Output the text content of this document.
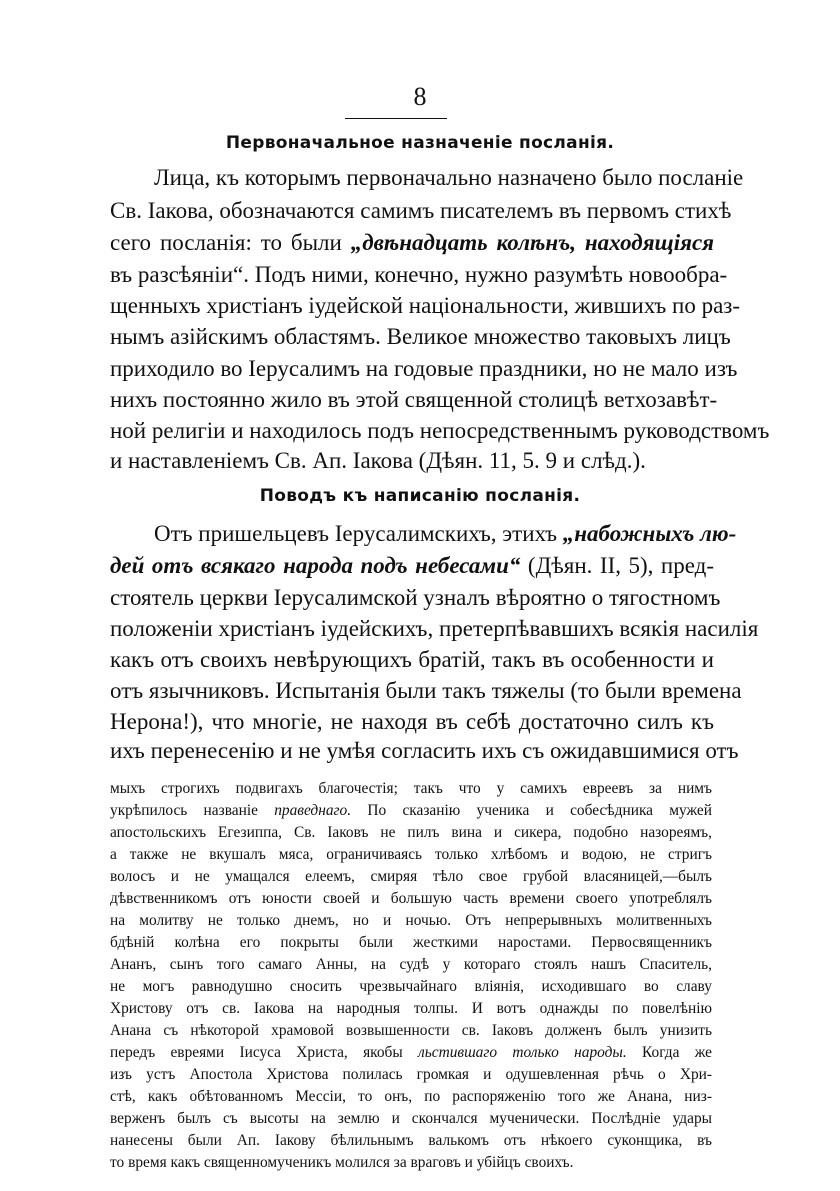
8
Первоначальное назначеніе посланія.
Лица, къ которымъ первоначально назначено было посланіе
Св. Іакова, обозначаются самимъ писателемъ въ первомъ стихѣ
сего посланія: то были „двѣнадцать колѣнъ, находящіяся
въ разсѣяніи“. Подъ ними, конечно, нужно разумѣть новообра-
щенныхъ христіанъ іудейской національности, жившихъ по раз-
нымъ азійскимъ областямъ. Великое множество таковыхъ лицъ
приходило во Іерусалимъ на годовые праздники, но не мало изъ
нихъ постоянно жило въ этой священной столицѣ ветхозавѣт-
ной религіи и находилось подъ непосредственнымъ руководствомъ
и наставленіемъ Св. Ап. Іакова (Дѣян. 11, 5. 9 и слѣд.).
Поводъ къ написанію посланія.
Отъ пришельцевъ Іерусалимскихъ, этихъ „набожныхъ лю-
дей отъ всякаго народа подъ небесами“ (Дѣян. II, 5), пред-
стоятель церкви Іерусалимской узналъ вѣроятно о тягостномъ
положеніи христіанъ іудейскихъ, претерпѣвавшихъ всякія насилія
какъ отъ своихъ невѣрующихъ братій, такъ въ особенности и
отъ язычниковъ. Испытанія были такъ тяжелы (то были времена
Нерона!), что многіе, не находя въ себѣ достаточно силъ къ
ихъ перенесенію и не умѣя согласить ихъ съ ожидавшимися отъ
мыхъ строгихъ подвигахъ благочестія; такъ что у самихъ евреевъ за нимъ
укрѣпилось названіе праведнаго. По сказанію ученика и собесѣдника мужей
апостольскихъ Егезиппа, Св. Іаковъ не пилъ вина и сикера, подобно назореямъ,
а также не вкушалъ мяса, ограничиваясь только хлѣбомъ и водою, не стригъ
волосъ и не умащался елеемъ, смиряя тѣло свое грубой власяницей,—былъ
дѣвственникомъ отъ юности своей и большую часть времени своего употреблялъ
на молитву не только днемъ, но и ночью. Отъ непрерывныхъ молитвенныхъ
бдѣній колѣна его покрыты были жесткими наростами. Первосвященникъ
Ананъ, сынъ того самаго Анны, на судѣ у котораго стоялъ нашъ Спаситель,
не могъ равнодушно сносить чрезвычайнаго вліянія, исходившаго во славу
Христову отъ св. Іакова на народныя толпы. И вотъ однажды по повелѣнію
Анана съ нѣкоторой храмовой возвышенности св. Іаковъ долженъ былъ унизить
передъ евреями Іисуса Христа, якобы льстившаго только народы. Когда же
изъ устъ Апостола Христова полилась громкая и одушевленная рѣчь о Хри-
стѣ, какъ обѣтованномъ Мессіи, то онъ, по распоряженію того же Анана, низ-
верженъ былъ съ высоты на землю и скончался мученически. Послѣдніе удары
нанесены были Ап. Іакову бѣлильнымъ валькомъ отъ нѣкоего суконщика, въ
то время какъ священномученикъ молился за враговъ и убійцъ своихъ.
